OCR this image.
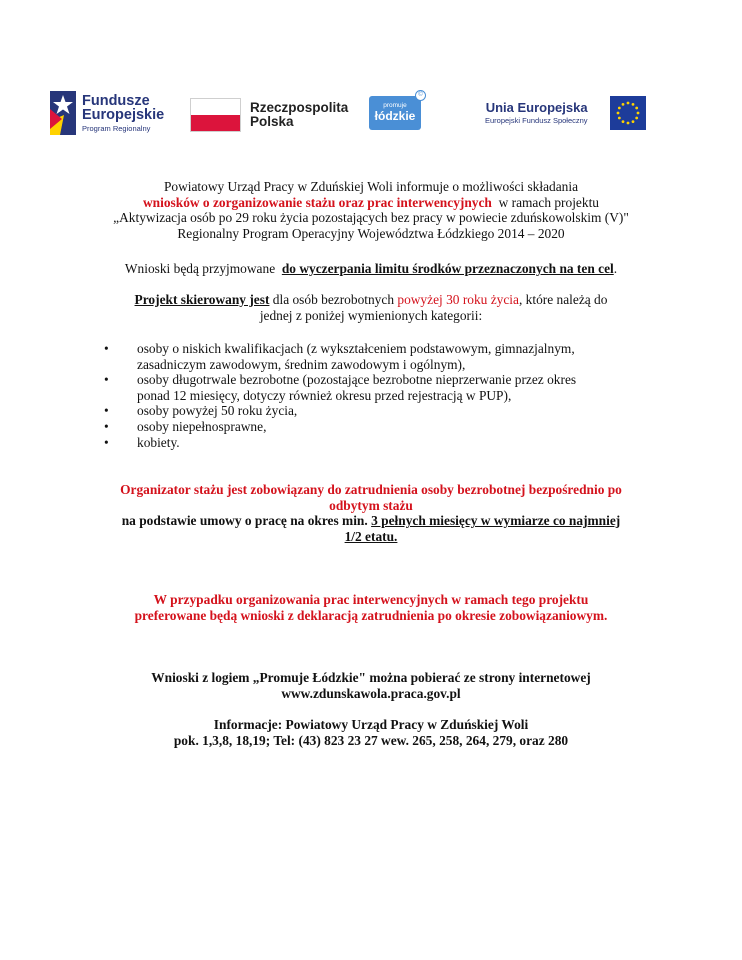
Fundusze
Europejskie
Program Regionalny
Rzeczpospolita
Polska
promuje
łódzkie
©
Unia Europejska
Europejski Fundusz Społeczny
Powiatowy Urząd Pracy w Zduńskiej Woli informuje o możliwości składania
wniosków o zorganizowanie stażu oraz prac interwencyjnych w ramach projektu
„Aktywizacja osób po 29 roku życia pozostających bez pracy w powiecie zduńskowolskim (V)"
Regionalny Program Operacyjny Województwa Łódzkiego 2014 – 2020
Wnioski będą przyjmowane do wyczerpania limitu środków przeznaczonych na ten cel.
Projekt skierowany jest dla osób bezrobotnych powyżej 30 roku życia, które należą do
jednej z poniżej wymienionych kategorii:
• osoby o niskich kwalifikacjach (z wykształceniem podstawowym, gimnazjalnym,
zasadniczym zawodowym, średnim zawodowym i ogólnym),
• osoby długotrwale bezrobotne (pozostające bezrobotne nieprzerwanie przez okres
ponad 12 miesięcy, dotyczy również okresu przed rejestracją w PUP),
• osoby powyżej 50 roku życia,
• osoby niepełnosprawne,
• kobiety.
Organizator stażu jest zobowiązany do zatrudnienia osoby bezrobotnej bezpośrednio po
odbytym stażu
na podstawie umowy o pracę na okres min. 3 pełnych miesięcy w wymiarze co najmniej
1/2 etatu.
W przypadku organizowania prac interwencyjnych w ramach tego projektu
preferowane będą wnioski z deklaracją zatrudnienia po okresie zobowiązaniowym.
Wnioski z logiem „Promuje Łódzkie" można pobierać ze strony internetowej
www.zdunskawola.praca.gov.pl
Informacje: Powiatowy Urząd Pracy w Zduńskiej Woli
pok. 1,3,8, 18,19; Tel: (43) 823 23 27 wew. 265, 258, 264, 279, oraz 280
